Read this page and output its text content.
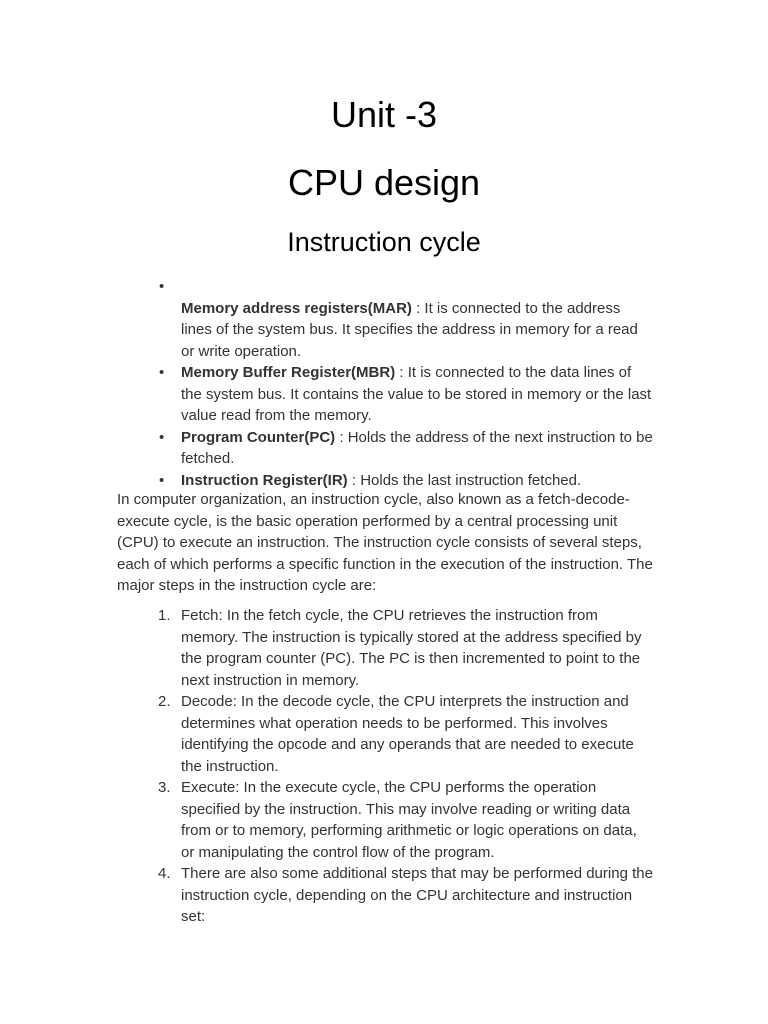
Unit -3
CPU design
Instruction cycle
•
Memory address registers(MAR) : It is connected to the address lines of the system bus. It specifies the address in memory for a read or write operation.
• Memory Buffer Register(MBR) : It is connected to the data lines of the system bus. It contains the value to be stored in memory or the last value read from the memory.
• Program Counter(PC) : Holds the address of the next instruction to be fetched.
• Instruction Register(IR) : Holds the last instruction fetched.

In computer organization, an instruction cycle, also known as a fetch-decode-execute cycle, is the basic operation performed by a central processing unit (CPU) to execute an instruction. The instruction cycle consists of several steps, each of which performs a specific function in the execution of the instruction. The major steps in the instruction cycle are:

1. Fetch: In the fetch cycle, the CPU retrieves the instruction from memory. The instruction is typically stored at the address specified by the program counter (PC). The PC is then incremented to point to the next instruction in memory.
2. Decode: In the decode cycle, the CPU interprets the instruction and determines what operation needs to be performed. This involves identifying the opcode and any operands that are needed to execute the instruction.
3. Execute: In the execute cycle, the CPU performs the operation specified by the instruction. This may involve reading or writing data from or to memory, performing arithmetic or logic operations on data, or manipulating the control flow of the program.
4. There are also some additional steps that may be performed during the instruction cycle, depending on the CPU architecture and instruction set:
